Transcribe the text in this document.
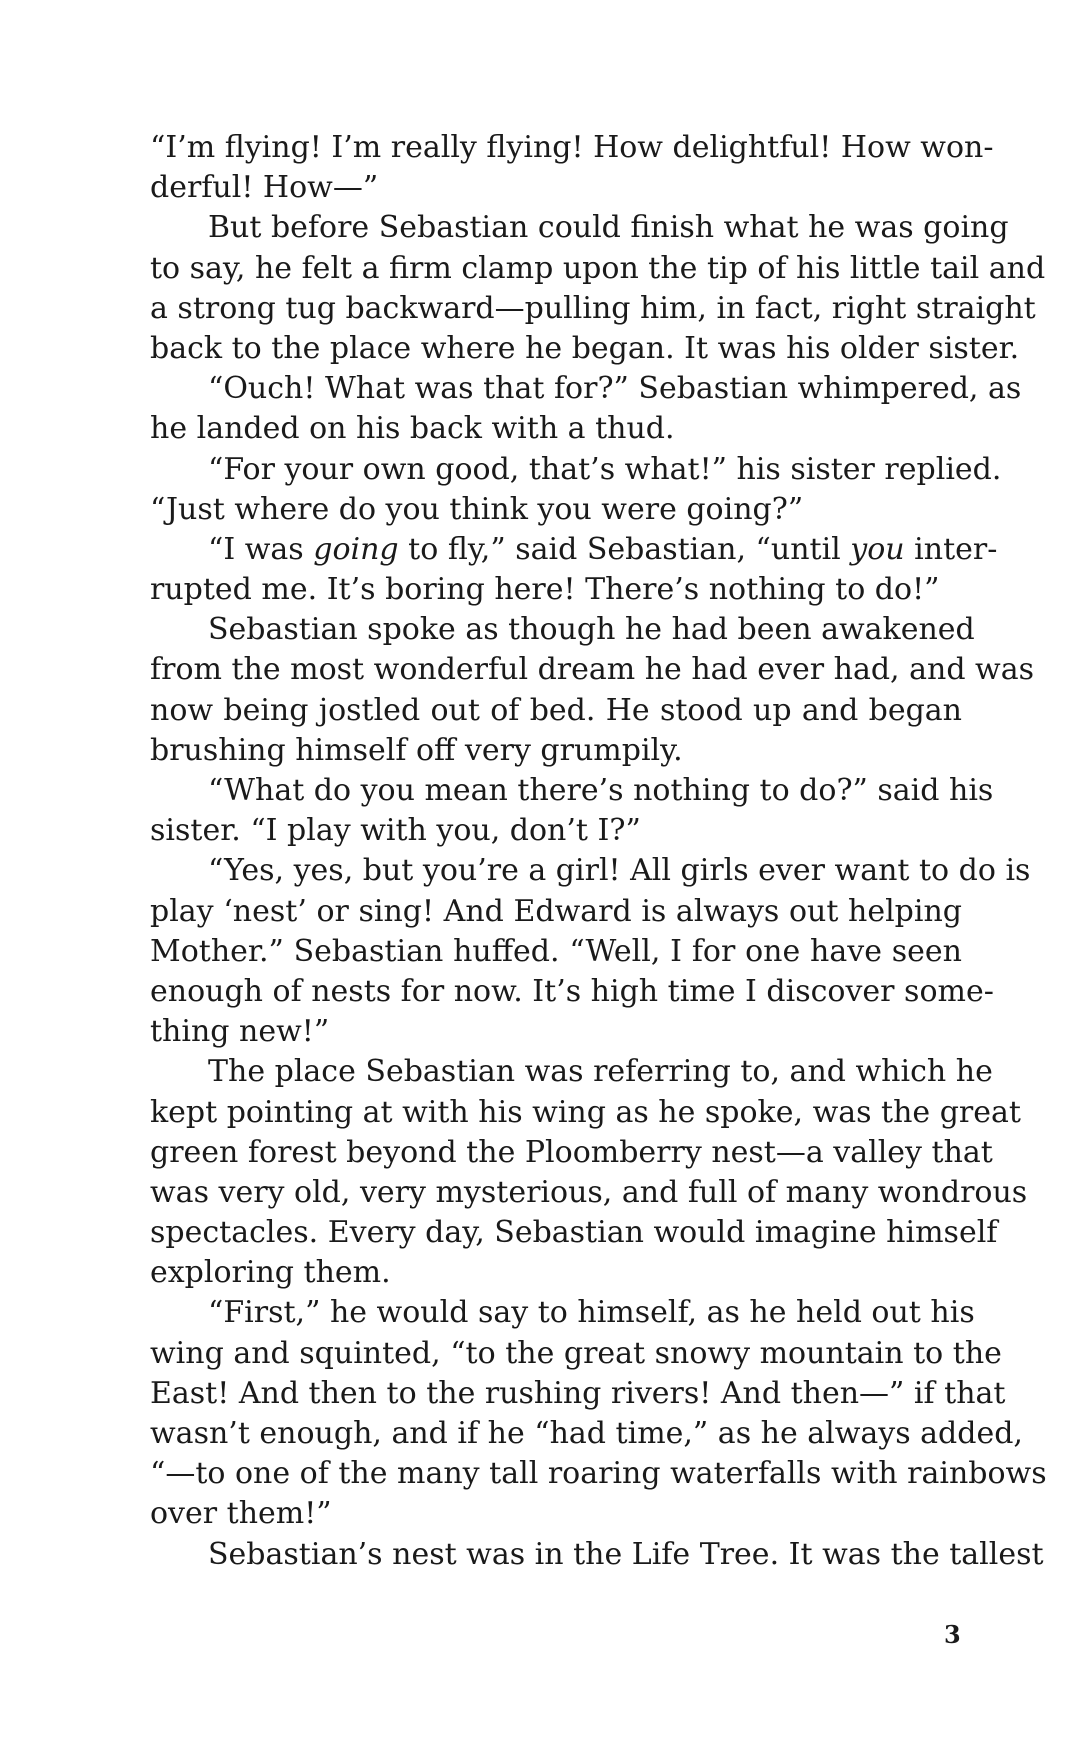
“I’m flying! I’m really flying! How delightful! How won-
derful! How—”
But before Sebastian could finish what he was going
to say, he felt a firm clamp upon the tip of his little tail and
a strong tug backward—pulling him, in fact, right straight
back to the place where he began. It was his older sister.
“Ouch! What was that for?” Sebastian whimpered, as
he landed on his back with a thud.
“For your own good, that’s what!” his sister replied.
“Just where do you think you were going?”
“I was going to fly,” said Sebastian, “until you inter-
rupted me. It’s boring here! There’s nothing to do!”
Sebastian spoke as though he had been awakened
from the most wonderful dream he had ever had, and was
now being jostled out of bed. He stood up and began
brushing himself off very grumpily.
“What do you mean there’s nothing to do?” said his
sister. “I play with you, don’t I?”
“Yes, yes, but you’re a girl! All girls ever want to do is
play ‘nest’ or sing! And Edward is always out helping
Mother.” Sebastian huffed. “Well, I for one have seen
enough of nests for now. It’s high time I discover some-
thing new!”
The place Sebastian was referring to, and which he
kept pointing at with his wing as he spoke, was the great
green forest beyond the Ploomberry nest—a valley that
was very old, very mysterious, and full of many wondrous
spectacles. Every day, Sebastian would imagine himself
exploring them.
“First,” he would say to himself, as he held out his
wing and squinted, “to the great snowy mountain to the
East! And then to the rushing rivers! And then—” if that
wasn’t enough, and if he “had time,” as he always added,
“—to one of the many tall roaring waterfalls with rainbows
over them!”
Sebastian’s nest was in the Life Tree. It was the tallest
3
